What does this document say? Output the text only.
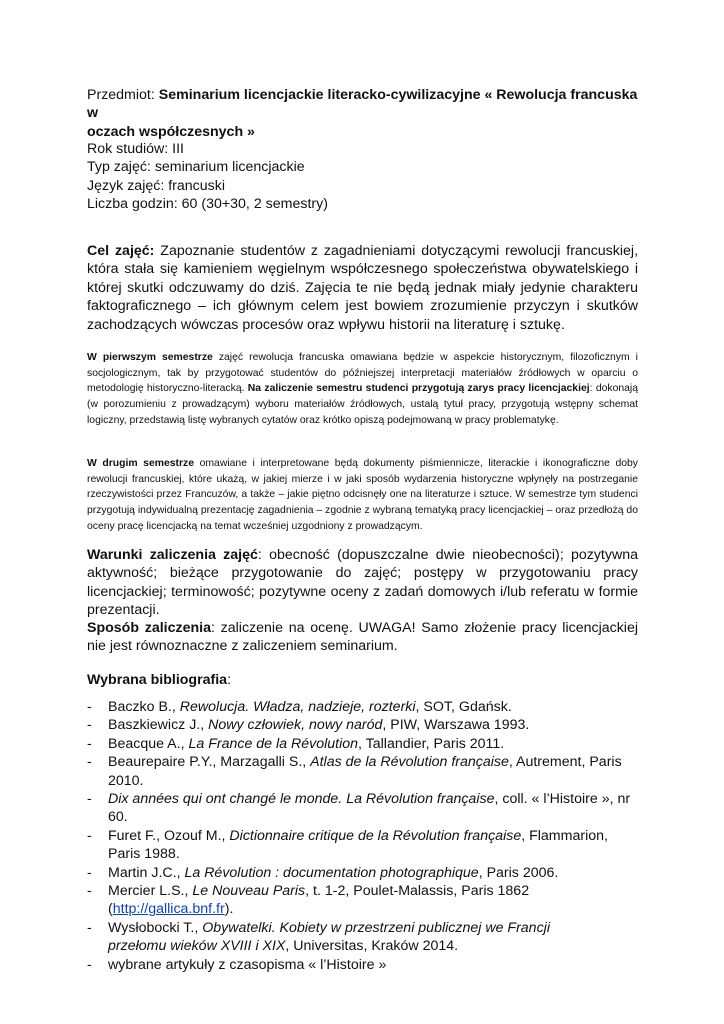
Przedmiot: Seminarium licencjackie literacko-cywilizacyjne « Rewolucja francuska w
oczach współczesnych »
Rok studiów: III
Typ zajęć: seminarium licencjackie
Język zajęć: francuski
Liczba godzin: 60 (30+30, 2 semestry)
Cel zajęć: Zapoznanie studentów z zagadnieniami dotyczącymi rewolucji francuskiej, która stała się kamieniem węgielnym współczesnego społeczeństwa obywatelskiego i której skutki odczuwamy do dziś. Zajęcia te nie będą jednak miały jedynie charakteru faktograficznego – ich głównym celem jest bowiem zrozumienie przyczyn i skutków zachodzących wówczas procesów oraz wpływu historii na literaturę i sztukę.
W pierwszym semestrze zajęć rewolucja francuska omawiana będzie w aspekcie historycznym, filozoficznym i socjologicznym, tak by przygotować studentów do późniejszej interpretacji materiałów źródłowych w oparciu o metodologię historyczno-literacką. Na zaliczenie semestru studenci przygotują zarys pracy licencjackiej: dokonają (w porozumieniu z prowadzącym) wyboru materiałów źródłowych, ustalą tytuł pracy, przygotują wstępny schemat logiczny, przedstawią listę wybranych cytatów oraz krótko opiszą podejmowaną w pracy problematykę.
W drugim semestrze omawiane i interpretowane będą dokumenty piśmiennicze, literackie i ikonograficzne doby rewolucji francuskiej, które ukażą, w jakiej mierze i w jaki sposób wydarzenia historyczne wpłynęły na postrzeganie rzeczywistości przez Francuzów, a także – jakie piętno odcisnęły one na literaturze i sztuce. W semestrze tym studenci przygotują indywidualną prezentację zagadnienia – zgodnie z wybraną tematyką pracy licencjackiej – oraz przedłożą do oceny pracę licencjacką na temat wcześniej uzgodniony z prowadzącym.
Warunki zaliczenia zajęć: obecność (dopuszczalne dwie nieobecności); pozytywna aktywność; bieżące przygotowanie do zajęć; postępy w przygotowaniu pracy licencjackiej; terminowość; pozytywne oceny z zadań domowych i/lub referatu w formie prezentacji.
Sposób zaliczenia: zaliczenie na ocenę. UWAGA! Samo złożenie pracy licencjackiej nie jest równoznaczne z zaliczeniem seminarium.
Wybrana bibliografia:
- Baczko B., Rewolucja. Władza, nadzieje, rozterki, SOT, Gdańsk.
- Baszkiewicz J., Nowy człowiek, nowy naród, PIW, Warszawa 1993.
- Beacque A., La France de la Révolution, Tallandier, Paris 2011.
- Beaurepaire P.Y., Marzagalli S., Atlas de la Révolution française, Autrement, Paris 2010.
- Dix années qui ont changé le monde. La Révolution française, coll. « l’Histoire », nr 60.
- Furet F., Ozouf M., Dictionnaire critique de la Révolution française, Flammarion, Paris 1988.
- Martin J.C., La Révolution : documentation photographique, Paris 2006.
- Mercier L.S., Le Nouveau Paris, t. 1-2, Poulet-Malassis, Paris 1862 (http://gallica.bnf.fr).
- Wysłobocki T., Obywatelki. Kobiety w przestrzeni publicznej we Francji przełomu wieków XVIII i XIX, Universitas, Kraków 2014.
- wybrane artykuły z czasopisma « l’Histoire »
